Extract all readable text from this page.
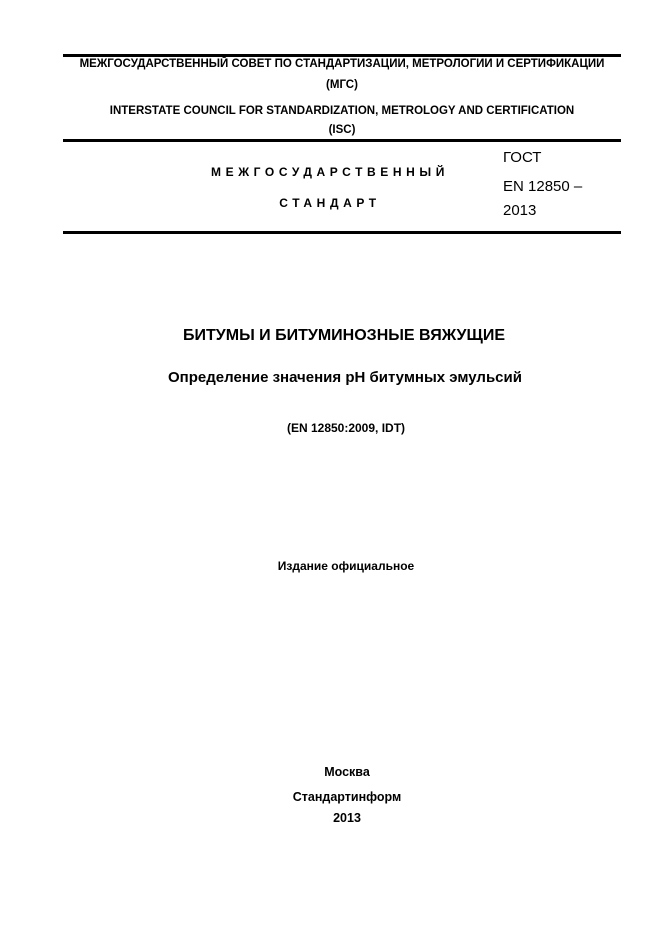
МЕЖГОСУДАРСТВЕННЫЙ СОВЕТ ПО СТАНДАРТИЗАЦИИ, МЕТРОЛОГИИ И СЕРТИФИКАЦИИ
(МГС)
INTERSTATE COUNCIL FOR STANDARDIZATION, METROLOGY AND CERTIFICATION
(ISC)
МЕЖГОСУДАРСТВЕННЫЙ
СТАНДАРТ
ГОСТ
EN 12850 –
2013
БИТУМЫ И БИТУМИНОЗНЫЕ ВЯЖУЩИЕ
Определение значения рН битумных эмульсий
(EN 12850:2009, IDT)
Издание официальное
Москва
Стандартинформ
2013
